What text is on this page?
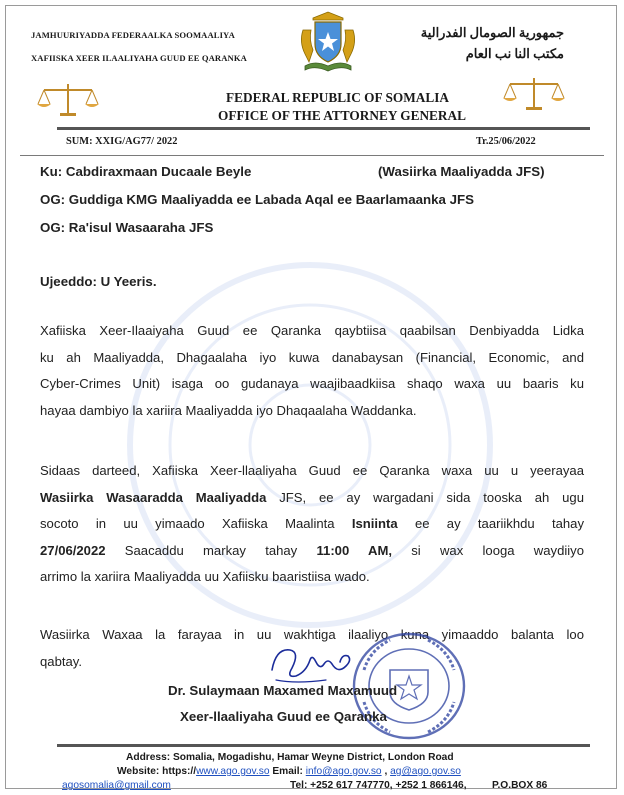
JAMHUURIYADDA FEDERAALKA SOOMAALIYA
XAFIISKA XEER ILAALIYAHA GUUD EE QARANKA
جمهورية الصومال الفدرالية
مكتب النا نب العام
FEDERAL REPUBLIC OF SOMALIA
OFFICE OF THE ATTORNEY GENERAL
SUM: XXIG/AG77/ 2022	Tr.25/06/2022
Ku: Cabdiraxmaan Ducaale Beyle	(Wasiirka Maaliyadda JFS)
OG: Guddiga KMG Maaliyadda ee Labada Aqal ee Baarlamaanka JFS
OG: Ra'isul Wasaaraha JFS
Ujeeddo: U Yeeris.
Xafiiska Xeer-Ilaaiyaha Guud ee Qaranka qaybtiisa qaabilsan Denbiyadda Lidka
ku ah Maaliyadda, Dhagaalaha iyo kuwa danabaysan (Financial, Economic, and
Cyber-Crimes Unit) isaga oo gudanaya waajibaadkiisa shaqo waxa uu baaris ku
hayaa dambiyo la xariira Maaliyadda iyo Dhaqaalaha Waddanka.
Sidaas darteed, Xafiiska Xeer-llaaliyaha Guud ee Qaranka waxa uu u yeerayaa
Wasiirka Wasaaradda Maaliyadda JFS, ee ay wargadani sida tooska ah ugu
socoto in uu yimaado Xafiiska Maalinta Isniinta ee ay taariikhdu tahay
27/06/2022 Saacaddu markay tahay 11:00 AM, si wax looga waydiiyo
arrimo la xariira Maaliyadda uu Xafiisku baaristiisa wado.
Wasiirka Waxaa la farayaa in uu wakhtiga ilaaliyo kuna yimaaddo balanta loo
qabtay.
Dr. Sulaymaan Maxamed Maxamuud
Xeer-llaaliyaha Guud ee Qaranka
Address: Somalia, Mogadishu, Hamar Weyne District, London Road
Website: https://www.ago.gov.so Email: info@ago.gov.so , ag@ago.gov.so
agosomalia@gmail.com	Tel: +252 617 747770, +252 1 866146, P.O.BOX 86
